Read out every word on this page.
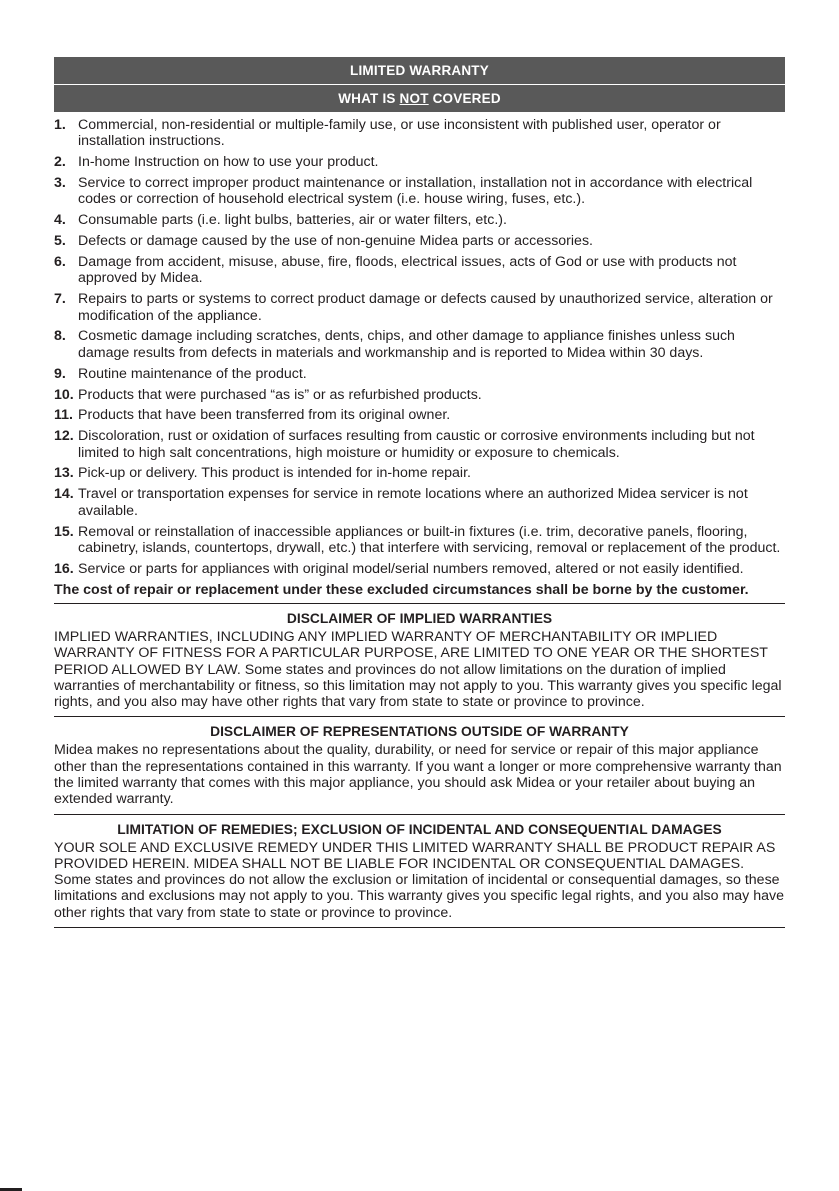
LIMITED WARRANTY
WHAT IS NOT COVERED
1. Commercial, non-residential or multiple-family use, or use inconsistent with published user, operator or installation instructions.
2. In-home Instruction on how to use your product.
3. Service to correct improper product maintenance or installation, installation not in accordance with electrical codes or correction of household electrical system (i.e. house wiring, fuses, etc.).
4. Consumable parts (i.e. light bulbs, batteries, air or water filters, etc.).
5. Defects or damage caused by the use of non-genuine Midea parts or accessories.
6. Damage from accident, misuse, abuse, fire, floods, electrical issues, acts of God or use with products not approved by Midea.
7. Repairs to parts or systems to correct product damage or defects caused by unauthorized service, alteration or modification of the appliance.
8. Cosmetic damage including scratches, dents, chips, and other damage to appliance finishes unless such damage results from defects in materials and workmanship and is reported to Midea within 30 days.
9. Routine maintenance of the product.
10. Products that were purchased “as is” or as refurbished products.
11. Products that have been transferred from its original owner.
12. Discoloration, rust or oxidation of surfaces resulting from caustic or corrosive environments including but not limited to high salt concentrations, high moisture or humidity or exposure to chemicals.
13. Pick-up or delivery. This product is intended for in-home repair.
14. Travel or transportation expenses for service in remote locations where an authorized Midea servicer is not available.
15. Removal or reinstallation of inaccessible appliances or built-in fixtures (i.e. trim, decorative panels, flooring, cabinetry, islands, countertops, drywall, etc.) that interfere with servicing, removal or replacement of the product.
16. Service or parts for appliances with original model/serial numbers removed, altered or not easily identified.
The cost of repair or replacement under these excluded circumstances shall be borne by the customer.
DISCLAIMER OF IMPLIED WARRANTIES

IMPLIED WARRANTIES, INCLUDING ANY IMPLIED WARRANTY OF MERCHANTABILITY OR IMPLIED WARRANTY OF FITNESS FOR A PARTICULAR PURPOSE, ARE LIMITED TO ONE YEAR OR THE SHORTEST PERIOD ALLOWED BY LAW. Some states and provinces do not allow limitations on the duration of implied warranties of merchantability or fitness, so this limitation may not apply to you. This warranty gives you specific legal rights, and you also may have other rights that vary from state to state or province to province.

DISCLAIMER OF REPRESENTATIONS OUTSIDE OF WARRANTY

Midea makes no representations about the quality, durability, or need for service or repair of this major appliance other than the representations contained in this warranty. If you want a longer or more comprehensive warranty than the limited warranty that comes with this major appliance, you should ask Midea or your retailer about buying an extended warranty.

LIMITATION OF REMEDIES; EXCLUSION OF INCIDENTAL AND CONSEQUENTIAL DAMAGES

YOUR SOLE AND EXCLUSIVE REMEDY UNDER THIS LIMITED WARRANTY SHALL BE PRODUCT REPAIR AS PROVIDED HEREIN. MIDEA SHALL NOT BE LIABLE FOR INCIDENTAL OR CONSEQUENTIAL DAMAGES. Some states and provinces do not allow the exclusion or limitation of incidental or consequential damages, so these limitations and exclusions may not apply to you. This warranty gives you specific legal rights, and you also may have other rights that vary from state to state or province to province.
